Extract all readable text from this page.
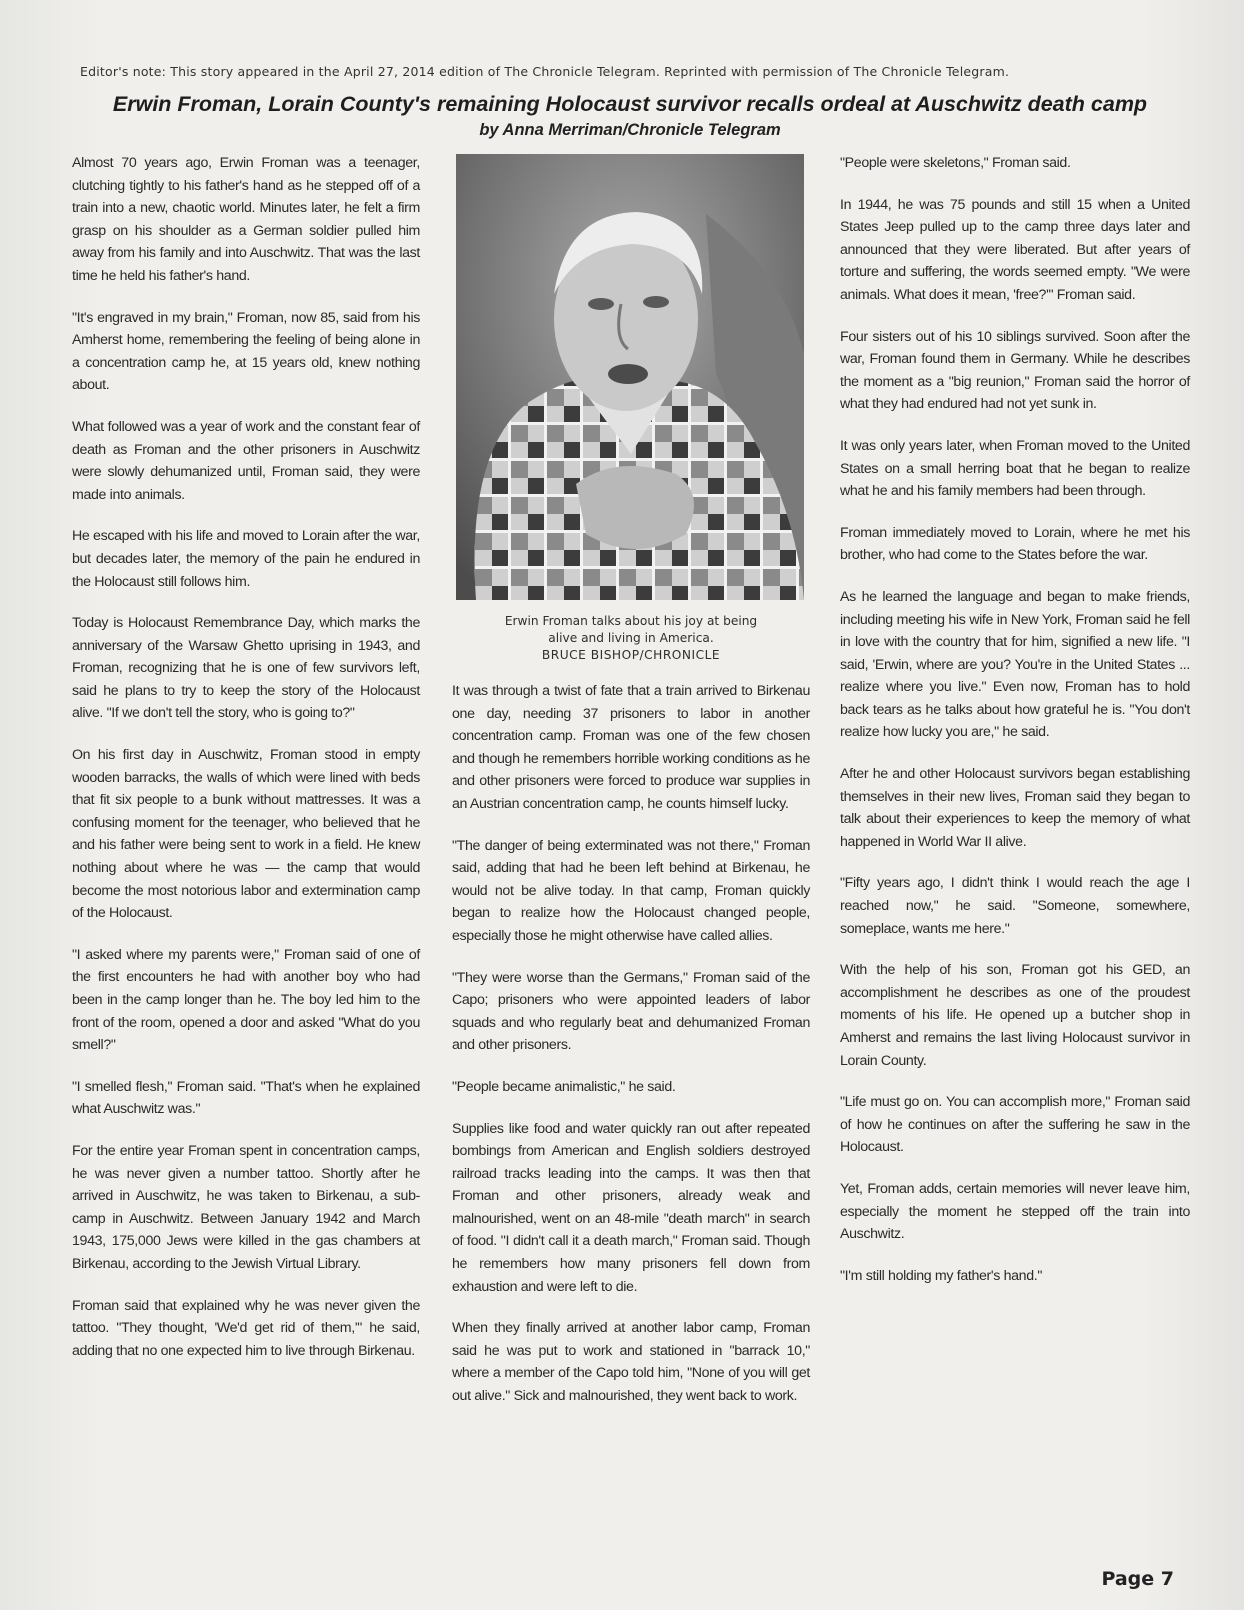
Editor's note: This story appeared in the April 27, 2014 edition of The Chronicle Telegram. Reprinted with permission of The Chronicle Telegram.
Erwin Froman, Lorain County's remaining Holocaust survivor recalls ordeal at Auschwitz death camp
by Anna Merriman/Chronicle Telegram

Almost 70 years ago, Erwin Froman was a teenager, clutching tightly to his father's hand as he stepped off of a train into a new, chaotic world. Minutes later, he felt a firm grasp on his shoulder as a German soldier pulled him away from his family and into Auschwitz. That was the last time he held his father's hand.

"It's engraved in my brain," Froman, now 85, said from his Amherst home, remembering the feeling of being alone in a concentration camp he, at 15 years old, knew nothing about.

What followed was a year of work and the constant fear of death as Froman and the other prisoners in Auschwitz were slowly dehumanized until, Froman said, they were made into animals.

He escaped with his life and moved to Lorain after the war, but decades later, the memory of the pain he endured in the Holocaust still follows him.

Today is Holocaust Remembrance Day, which marks the anniversary of the Warsaw Ghetto uprising in 1943, and Froman, recognizing that he is one of few survivors left, said he plans to try to keep the story of the Holocaust alive. "If we don't tell the story, who is going to?"

On his first day in Auschwitz, Froman stood in empty wooden barracks, the walls of which were lined with beds that fit six people to a bunk without mattresses. It was a confusing moment for the teenager, who believed that he and his father were being sent to work in a field. He knew nothing about where he was — the camp that would become the most notorious labor and extermination camp of the Holocaust.

"I asked where my parents were," Froman said of one of the first encounters he had with another boy who had been in the camp longer than he. The boy led him to the front of the room, opened a door and asked "What do you smell?"

"I smelled flesh," Froman said. "That's when he explained what Auschwitz was."

For the entire year Froman spent in concentration camps, he was never given a number tattoo. Shortly after he arrived in Auschwitz, he was taken to Birkenau, a sub-camp in Auschwitz. Between January 1942 and March 1943, 175,000 Jews were killed in the gas chambers at Birkenau, according to the Jewish Virtual Library.

Froman said that explained why he was never given the tattoo. "They thought, 'We'd get rid of them,'" he said, adding that no one expected him to live through Birkenau.

Erwin Froman talks about his joy at being
alive and living in America.
BRUCE BISHOP/CHRONICLE

It was through a twist of fate that a train arrived to Birkenau one day, needing 37 prisoners to labor in another concentration camp. Froman was one of the few chosen and though he remembers horrible working conditions as he and other prisoners were forced to produce war supplies in an Austrian concentration camp, he counts himself lucky.

"The danger of being exterminated was not there," Froman said, adding that had he been left behind at Birkenau, he would not be alive today. In that camp, Froman quickly began to realize how the Holocaust changed people, especially those he might otherwise have called allies.

"They were worse than the Germans," Froman said of the Capo; prisoners who were appointed leaders of labor squads and who regularly beat and dehumanized Froman and other prisoners.

"People became animalistic," he said.

Supplies like food and water quickly ran out after repeated bombings from American and English soldiers destroyed railroad tracks leading into the camps. It was then that Froman and other prisoners, already weak and malnourished, went on an 48-mile "death march" in search of food. "I didn't call it a death march," Froman said. Though he remembers how many prisoners fell down from exhaustion and were left to die.

When they finally arrived at another labor camp, Froman said he was put to work and stationed in "barrack 10," where a member of the Capo told him, "None of you will get out alive." Sick and malnourished, they went back to work.

"People were skeletons," Froman said.

In 1944, he was 75 pounds and still 15 when a United States Jeep pulled up to the camp three days later and announced that they were liberated. But after years of torture and suffering, the words seemed empty. "We were animals. What does it mean, 'free?'" Froman said.

Four sisters out of his 10 siblings survived. Soon after the war, Froman found them in Germany. While he describes the moment as a "big reunion," Froman said the horror of what they had endured had not yet sunk in.

It was only years later, when Froman moved to the United States on a small herring boat that he began to realize what he and his family members had been through.

Froman immediately moved to Lorain, where he met his brother, who had come to the States before the war.

As he learned the language and began to make friends, including meeting his wife in New York, Froman said he fell in love with the country that for him, signified a new life. "I said, 'Erwin, where are you? You're in the United States ... realize where you live." Even now, Froman has to hold back tears as he talks about how grateful he is. "You don't realize how lucky you are," he said.

After he and other Holocaust survivors began establishing themselves in their new lives, Froman said they began to talk about their experiences to keep the memory of what happened in World War II alive.

"Fifty years ago, I didn't think I would reach the age I reached now," he said. "Someone, somewhere, someplace, wants me here."

With the help of his son, Froman got his GED, an accomplishment he describes as one of the proudest moments of his life. He opened up a butcher shop in Amherst and remains the last living Holocaust survivor in Lorain County.

"Life must go on. You can accomplish more," Froman said of how he continues on after the suffering he saw in the Holocaust.

Yet, Froman adds, certain memories will never leave him, especially the moment he stepped off the train into Auschwitz.

"I'm still holding my father's hand."

Page 7
